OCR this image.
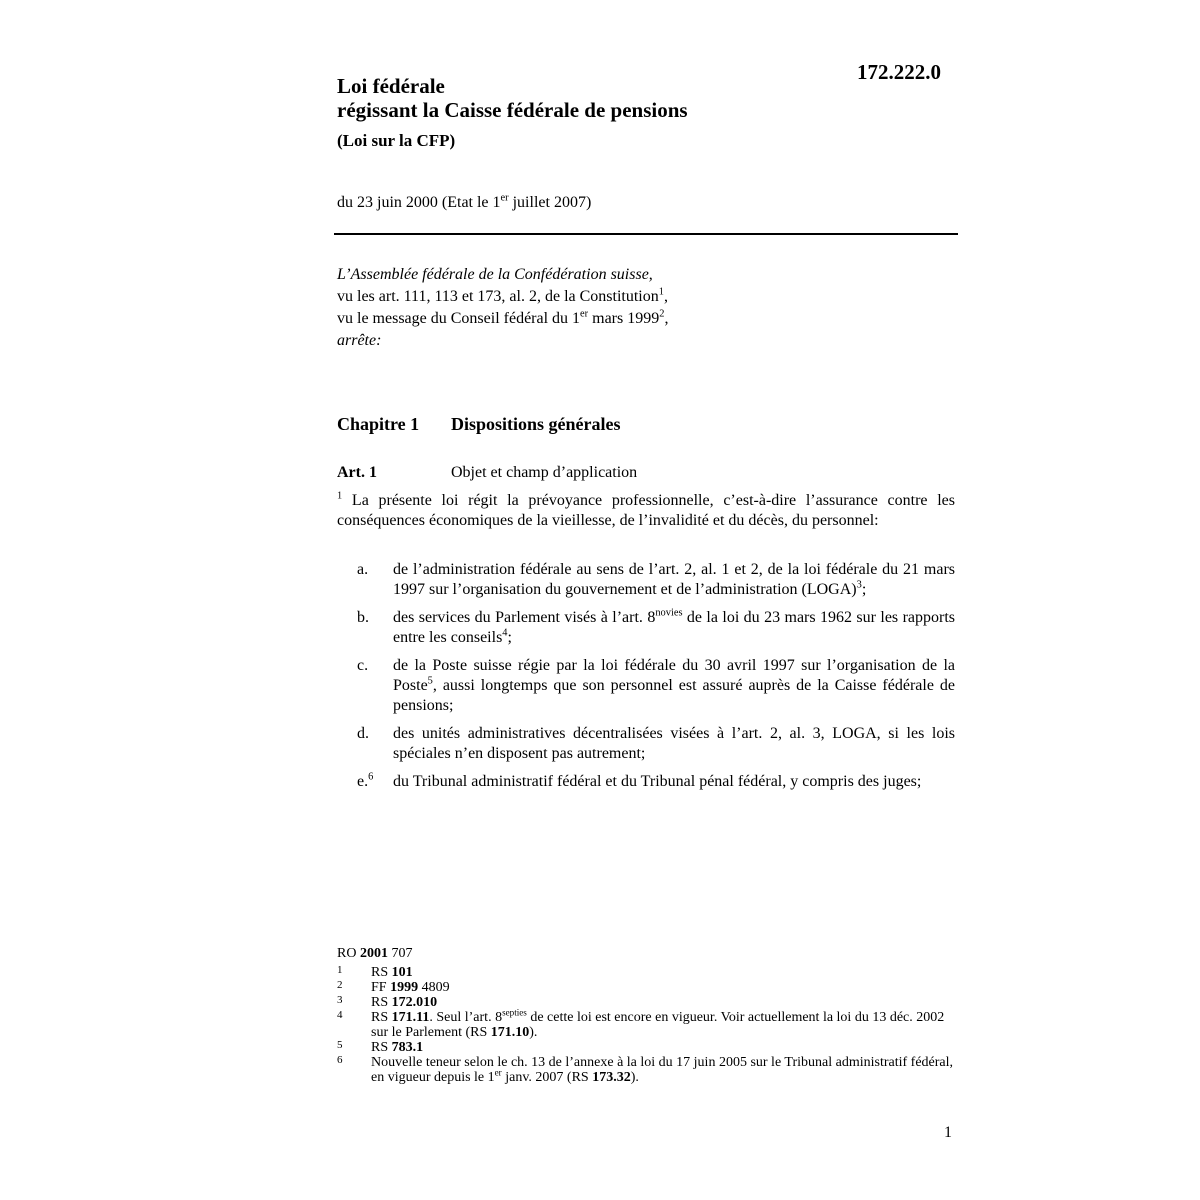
172.222.0
Loi fédérale
régissant la Caisse fédérale de pensions
(Loi sur la CFP)
du 23 juin 2000 (Etat le 1er juillet 2007)
L’Assemblée fédérale de la Confédération suisse,
vu les art. 111, 113 et 173, al. 2, de la Constitution$^1$,
vu le message du Conseil fédéral du 1er mars 1999$^2$,
arrête:
Chapitre 1 Dispositions générales
Art. 1	Objet et champ d’application

$^1$ La présente loi régit la prévoyance professionnelle, c’est-à-dire l’assurance contre les conséquences économiques de la vieillesse, de l’invalidité et du décès, du personnel:

a. de l’administration fédérale au sens de l’art. 2, al. 1 et 2, de la loi fédérale du 21 mars 1997 sur l’organisation du gouvernement et de l’administration (LOGA)$^3$;
b. des services du Parlement visés à l’art. $8^{novies}$ de la loi du 23 mars 1962 sur les rapports entre les conseils$^4$;
c. de la Poste suisse régie par la loi fédérale du 30 avril 1997 sur l’organisation de la Poste$^5$, aussi longtemps que son personnel est assuré auprès de la Caisse fédérale de pensions;
d. des unités administratives décentralisées visées à l’art. 2, al. 3, LOGA, si les lois spéciales n’en disposent pas autrement;
e.$^6$ du Tribunal administratif fédéral et du Tribunal pénal fédéral, y compris des juges;
RO 2001 707
1 RS 101
2 FF 1999 4809
3 RS 172.010
4 RS 171.11. Seul l’art. $8^{septies}$ de cette loi est encore en vigueur. Voir actuellement la loi du 13 déc. 2002 sur le Parlement (RS 171.10).
5 RS 783.1
6 Nouvelle teneur selon le ch. 13 de l’annexe à la loi du 17 juin 2005 sur le Tribunal administratif fédéral, en vigueur depuis le 1er janv. 2007 (RS 173.32).
1
